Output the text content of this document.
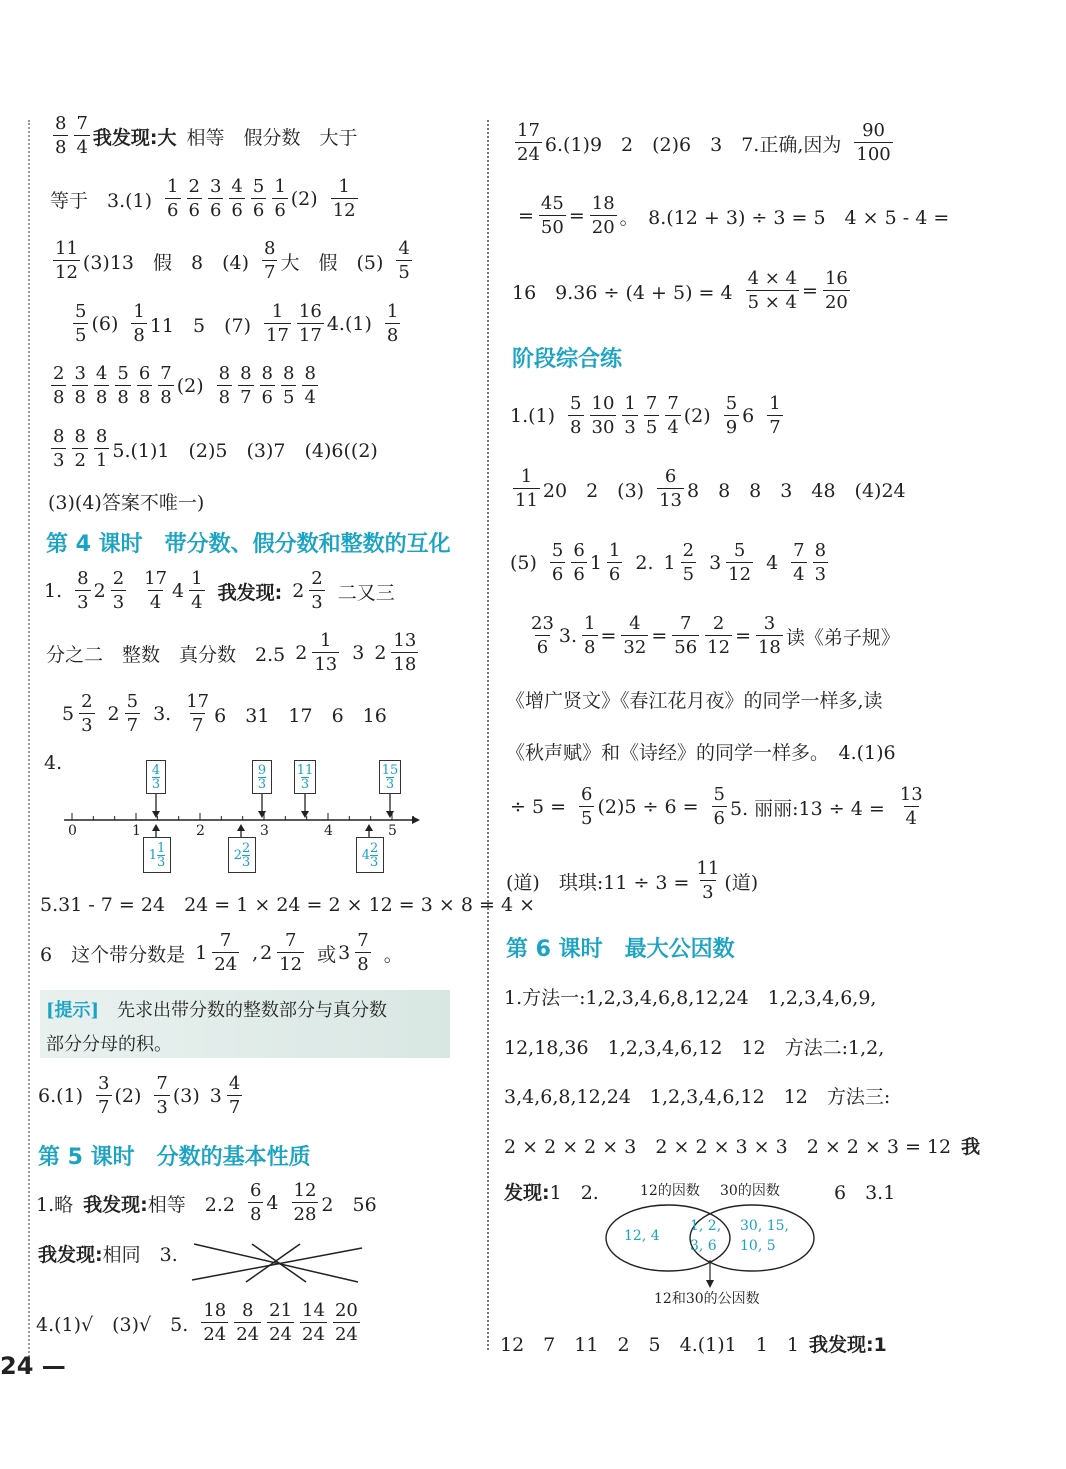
8
8
7
4 我发现:大 相等　假分数　大于
等于　3.(1)
1
6
2
6
3
6
4
6
5
6
1
6
(2)
1
12
11
12 (3)13　假　8　(4)
8
7 大　假　(5)
4
5
5
5
(6)
1
8 11　5　(7)
1
17
16
17
4.(1)
1
8
2
8
3
8
4
8
5
8
6
8
7
8
(2)
8
8
8
7
8
6
8
5
8
4
8
3
8
2
8
1 5.(1)1　(2)5　(3)7　(4)6((2)
(3)(4)答案不唯一)
第 4 课时 带分数、假分数和整数的互化
1.
8
3
2
2
3
17
4
4
1
4 我发现: 2
2
3 二又三
分之二　整数　真分数　2.5 2
1
13
3 2
13
18
5
2
3
2
5
7
3.
17
7 6　31　17　6　16
4.
0	1	2	3	4	5
4
3
9
3
11
3
15
3
1 1
3	2 2
3	4 2
3
5.31 - 7 = 24　24 = 1 × 24 = 2 × 12 = 3 × 8 = 4 ×
6　这个带分数是 1
7
24
, 2
7
12 或 3
7
8 。
[提示]　 先求出带分数的整数部分与真分数
部分分母的积。
6.(1)
3
7
(2)
7
3
(3) 3
4
7
第 5 课时 分数的基本性质
1.略 我发现: 相等　2.2
6
8
4
12
28 2　56
我发现: 相同　3.
4.(1)√　(3)√　5.
18
24
8
24
21
24
14
24
20
24
24 —
17
24 6.(1)9　2　(2)6　3　7.正确,因为
90
100
= $\frac{45}{50} = \frac{18}{20}$ 。　8.(12 + 3) ÷ 3 = 5　4 × 5 - 4 =
16　$9.36 \div (4 + 5) = 4 \frac{4 \times 4}{5 \times 4} = \frac{16}{20}$
阶段综合练
1.(1)
5
8
10
30
1
3
7
5
7
4
(2)
5
9
6
1
7
1
11 20　2　(3)
6
13 8　8　8　3　48　(4)24
(5)
5
6
6
6
1
1
6
2. 1
2
5
3
5
12
4
7
4
8
3
23
6
3. $\frac{1}{8} = \frac{4}{32} = \frac{7}{56} \frac{2}{12} = \frac{3}{18}$ 读《弟子规》
《增广贤文》《春江花月夜》的同学一样多,读
《秋声赋》和《诗经》的同学一样多。　4.(1)6
÷ $5 = \frac{6}{5} (2)5 \div 6 = \frac{5}{6} 5$. 丽丽:13 ÷ $4 = \frac{13}{4}$
(道)　琪琪:11 ÷ $3 = \frac{11}{3}$ (道)
第 6 课时 最大公因数
1.方法一:1,2,3,4,6,8,12,24　1,2,3,4,6,9,
12,18,36　1,2,3,4,6,12　12　方法二:1,2,
3,4,6,8,12,24　1,2,3,4,6,12　12　方法三:
2 × 2 × 2 × 3　2 × 2 × 3 × 3　2 × 2 × 3 = 12 我
发现: 1　2.	6　3.1
12的因数 30的因数
12, 4
1, 2,
3, 6
30, 15,
10, 5
12和30的公因数
12　7　11　2　5　4.(1)1　1　1 我发现:1
